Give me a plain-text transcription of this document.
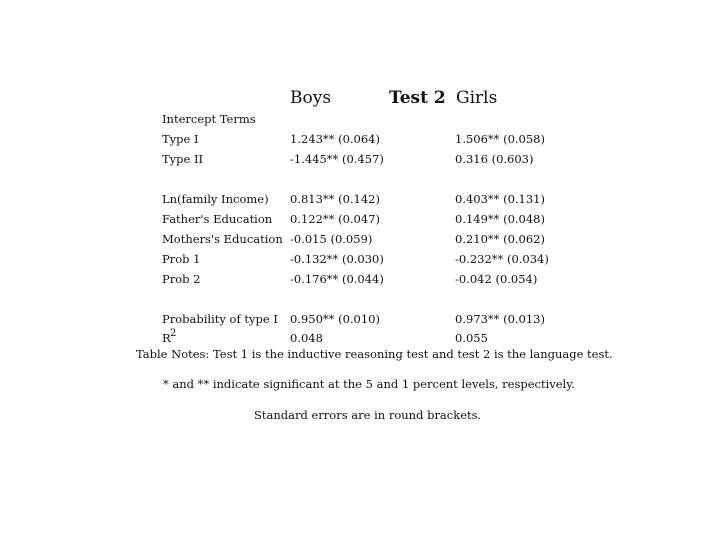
Boys	Test 2 Girls
Intercept Terms
Type I	1.243** (0.064)	1.506** (0.058)
Type II	-1.445** (0.457)	0.316 (0.603)
Ln(family Income) 0.813** (0.142)	0.403** (0.131)
Father's Education 0.122** (0.047)	0.149** (0.048)
Mothers's Education -0.015 (0.059)	0.210** (0.062)
Prob 1	-0.132** (0.030)	-0.232** (0.034)
Prob 2	-0.176** (0.044)	-0.042 (0.054)
Probability of type I 0.950** (0.010)	0.973** (0.013)
2
R	0.048	0.055
Table Notes: Test 1 is the inductive reasoning test and test 2 is the language test.
* and ** indicate significant at the 5 and 1 percent levels, respectively.
Standard errors are in round brackets.
